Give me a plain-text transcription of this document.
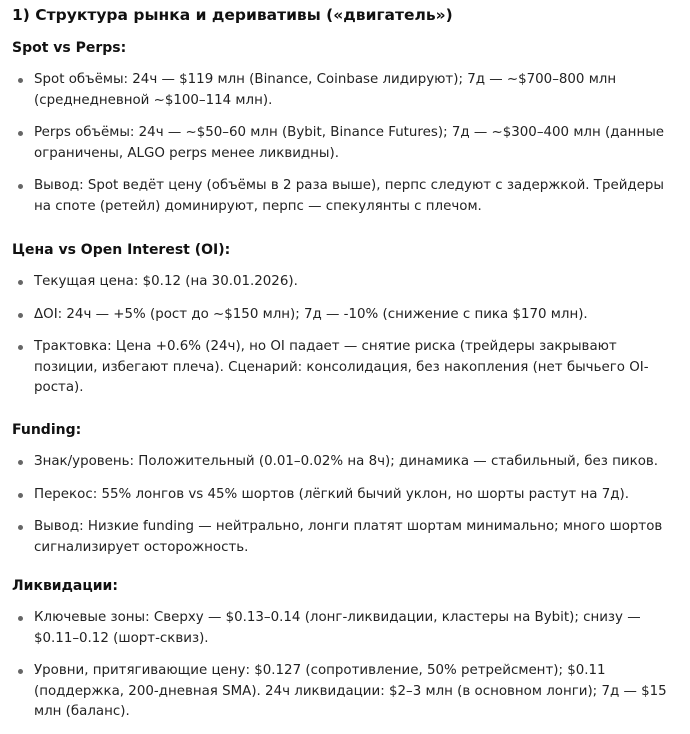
1) Структура рынка и деривативы («двигатель»)
Spot vs Perps:
Spot объёмы: 24ч — $119 млн (Binance, Coinbase лидируют); 7д — ~$700–800 млн (среднедневной ~$100–114 млн).
Perps объёмы: 24ч — ~$50–60 млн (Bybit, Binance Futures); 7д — ~$300–400 млн (данные ограничены, ALGO perps менее ликвидны).
Вывод: Spot ведёт цену (объёмы в 2 раза выше), перпс следуют с задержкой. Трейдеры на споте (ретейл) доминируют, перпс — спекулянты с плечом.
Цена vs Open Interest (OI):
Текущая цена: $0.12 (на 30.01.2026).
ΔOI: 24ч — +5% (рост до ~$150 млн); 7д — -10% (снижение с пика $170 млн).
Трактовка: Цена +0.6% (24ч), но OI падает — снятие риска (трейдеры закрывают позиции, избегают плеча). Сценарий: консолидация, без накопления (нет бычьего OI-роста).
Funding:
Знак/уровень: Положительный (0.01–0.02% на 8ч); динамика — стабильный, без пиков.
Перекос: 55% лонгов vs 45% шортов (лёгкий бычий уклон, но шорты растут на 7д).
Вывод: Низкие funding — нейтрально, лонги платят шортам минимально; много шортов сигнализирует осторожность.
Ликвидации:
Ключевые зоны: Сверху — $0.13–0.14 (лонг-ликвидации, кластеры на Bybit); снизу — $0.11–0.12 (шорт-сквиз).
Уровни, притягивающие цену: $0.127 (сопротивление, 50% ретрейсмент); $0.11 (поддержка, 200-дневная SMA). 24ч ликвидации: $2–3 млн (в основном лонги); 7д — $15 млн (баланс).
